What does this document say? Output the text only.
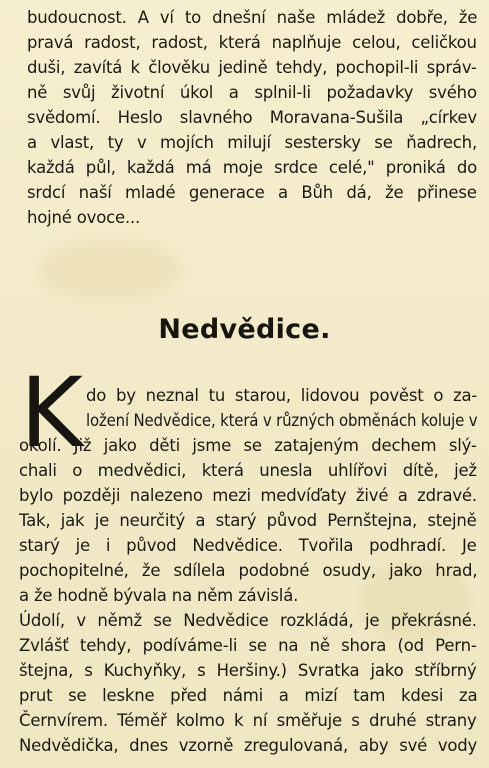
budoucnost. A ví to dnešní naše mládež dobře, že
pravá radost, radost, která naplňuje celou, celičkou
duši, zavítá k člověku jedině tehdy, pochopil-li správ-
ně svůj životní úkol a splnil-li požadavky svého
svědomí. Heslo slavného Moravana-Sušila „církev
a vlast, ty v mojích milují sestersky se ňadrech,
každá půl, každá má moje srdce celé," proniká do
srdcí naší mladé generace a Bůh dá, že přinese
hojné ovoce...
Nedvědice.
K do by neznal tu starou, lidovou pověst o za-
ložení Nedvědice, která v různých obměnách koluje v
okolí. Již jako děti jsme se zatajeným dechem slý-
chali o medvědici, která unesla uhlířovi dítě, jež
bylo později nalezeno mezi medvíďaty živé a zdravé.
Tak, jak je neurčitý a starý původ Pernštejna, stejně
starý je i původ Nedvědice. Tvořila podhradí. Je
pochopitelné, že sdílela podobné osudy, jako hrad,
a že hodně bývala na něm závislá.
Údolí, v němž se Nedvědice rozkládá, je překrásné.
Zvlášť tehdy, podíváme-li se na ně shora (od Pern-
štejna, s Kuchyňky, s Heršiny.) Svratka jako stříbrný
prut se leskne před námi a mizí tam kdesi za
Černvírem. Téměř kolmo k ní směřuje s druhé strany
Nedvědička, dnes vzorně zregulovaná, aby své vody
